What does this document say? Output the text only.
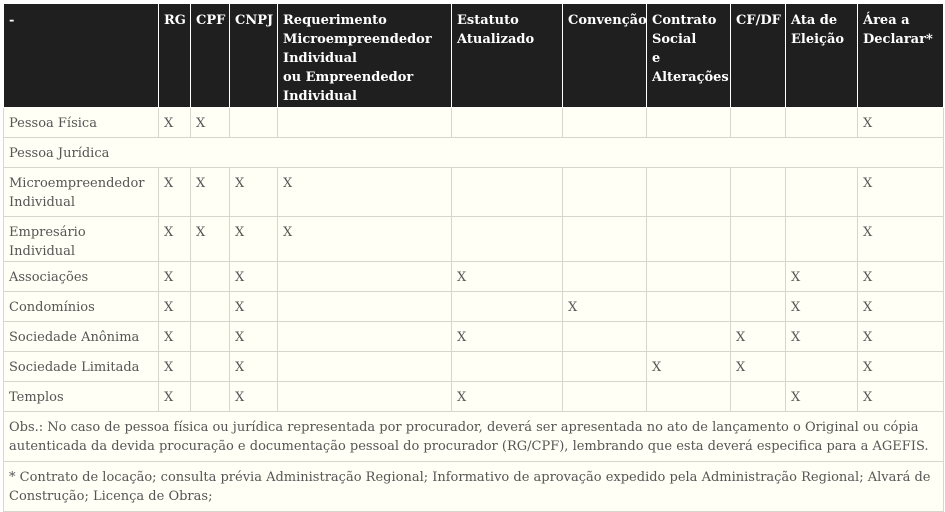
-	RG	CPF	CNPJ	Requerimento
Microempreendedor
Individual
ou Empreendedor
Individual	Estatuto
Atualizado	Convenção	Contrato
Social
e
Alterações	CF/DF	Ata de
Eleição	Área a
Declarar*
Pessoa Física	X	X								X
Pessoa Jurídica										
Microempreendedor
Individual	X	X	X	X						X
Empresário Individual	X	X	X	X						X
Associações	X		X		X				X	X
Condomínios	X		X			X			X	X
Sociedade Anônima	X		X		X			X	X	X
Sociedade Limitada	X		X				X	X		X
Templos	X		X		X				X	X
Obs.: No caso de pessoa física ou jurídica representada por procurador, deverá ser apresentada no ato de lançamento o Original ou cópia autenticada da devida procuração e documentação pessoal do procurador (RG/CPF), lembrando que esta deverá especifica para a AGEFIS.										
* Contrato de locação; consulta prévia Administração Regional; Informativo de aprovação expedido pela Administração Regional; Alvará de Construção; Licença de Obras;										
